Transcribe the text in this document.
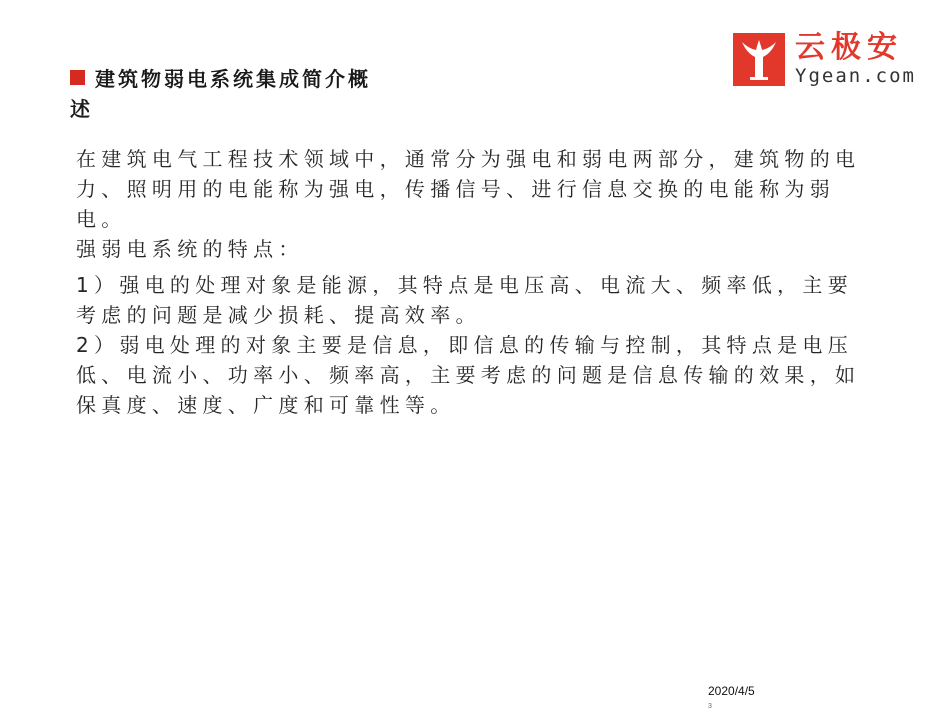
建筑物弱电系统集成简介概
述
云极安
Ygean.com

在建筑电气工程技术领域中，通常分为强电和弱电两部分，建筑物的电力、照明用的电能称为强电，传播信号、进行信息交换的电能称为弱电。

强弱电系统的特点：

1）强电的处理对象是能源，其特点是电压高、电流大、频率低，主要考虑的问题是减少损耗、提高效率。

2）弱电处理的对象主要是信息，即信息的传输与控制，其特点是电压低、电流小、功率小、频率高，主要考虑的问题是信息传输的效果，如保真度、速度、广度和可靠性等。

2020/4/5
3
